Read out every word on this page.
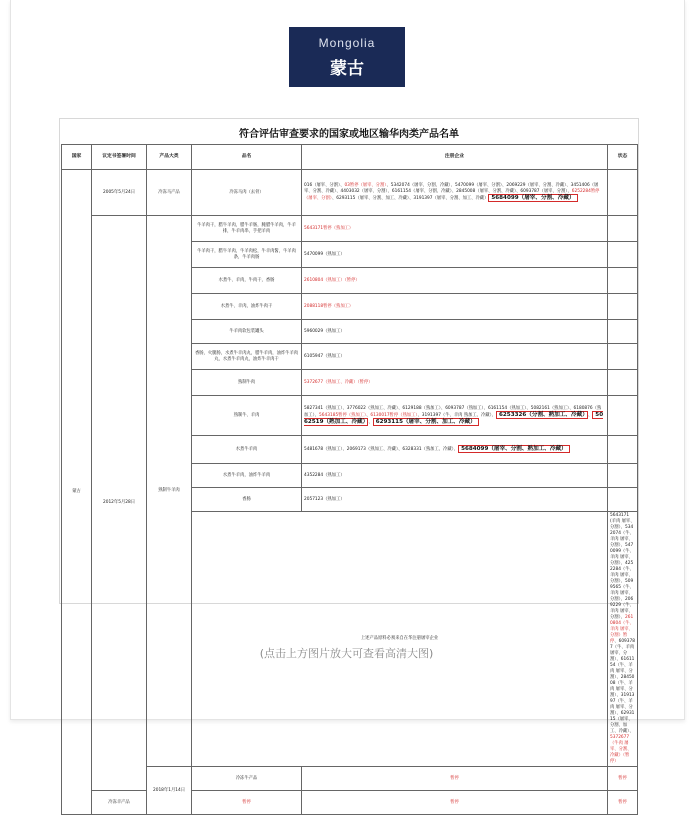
Mongolia
蒙古
符合评估审查要求的国家或地区输华肉类产品名单
国家	议定书签署时间	产品大类	品名	注册企业	状态	
蒙古	2005年5月24日	冷冻马产品	冷冻马肉（去骨）	016（屠宰、分割）、03暂停（屠宰、分割）、5342074（屠宰、分割、冷藏）、5470099（屠宰、分割）、2069229（屠宰、分割、冷藏）、3451406（屠宰、分割、冷藏）、4403032（屠宰、分割）、6161154（屠宰、分割、冷藏）、2845008（屠宰、分割、冷藏）、6093787（屠宰、分割）、6252284暂停（屠宰、分割）、6293115（屠宰、分割、加工、冷藏）、3191397（屠宰、分割、加工、冷藏） 5684099（屠宰、分割、冷藏）		
	2012年5月28日	熟制牛羊肉	牛羊肉干，腊牛羊肉，腊牛羊肠，腌腊牛羊肉，牛羊排，牛羊肉串，手把羊肉	5643171暂停（熟加工）		
			牛羊肉干，腊牛羊肉，牛羊肉松，牛羊肉酱，牛羊肉条，牛羊肉肠	5470099（熟加工）		
			水煮牛、羊肉，牛肉干，香肠	2610804（熟加工）（暂停）		
			水煮牛、羊肉，油炸牛肉干	2088118暂停（熟加工）		
			牛羊肉软包装罐头	5960029（熟加工）		
			香肠，火腿肠，水煮牛羊肉丸，腊牛羊肉，油炸牛羊肉丸，水煮牛羊肉丸，油炸牛羊肉干	6105947（熟加工）		
			熟制牛肉	5372677（熟加工、冷藏）（暂停）		
			熟制牛、羊肉	5827341（熟加工）、3776022（熟加工、冷藏）、6129188（熟加工）、6093787（熟加工）、6161154（熟加工）、5082161（熟加工）、6180876（熟加工）、5643185暂停（熟加工）、6130017暂停（熟加工）、3191397（牛、羊肉 熟加工、冷藏）、 6253326（分割、熟加工、冷藏） 、 5062519（熟加工、冷藏） 、 6293115（屠宰、分割、加工、冷藏）		
			水煮牛羊肉	5481678（熟加工）、2069173（熟加工、冷藏）、6328331（熟加工、冷藏）、 5684099（屠宰、分割、熟加工、冷藏）		
			水煮牛羊肉，油炸牛羊肉	4352284（熟加工）		
			香肠	2057123（熟加工）		
			上述产品原料必须来自在华注册屠宰企业		5643171(羊肉 屠宰、分割）、5342074（牛、羊肉 屠宰、分割）、5470099（牛、羊肉 屠宰、分割）、4252284（牛、羊肉 屠宰、分割）、5099565（牛、羊肉 屠宰、分割）、2069229（牛、羊肉 屠宰、分割）、2610804（牛、羊肉 屠宰、分割）暂停、6093787（牛、羊肉 屠宰、分割）、6161154（牛、羊肉 屠宰、分割）、2845008（牛、羊肉 屠宰、分割）、3191397（牛、羊肉 屠宰、分割）、6293115（屠宰、分割、加工、冷藏）、5372677（牛肉 屠宰、分割、冷藏）（暂停）	
		2018年1月14日	冷冻牛产品	暂停	暂停	
	冷冻羊产品		暂停	暂停	暂停	
(点击上方图片放大可查看高清大图)
